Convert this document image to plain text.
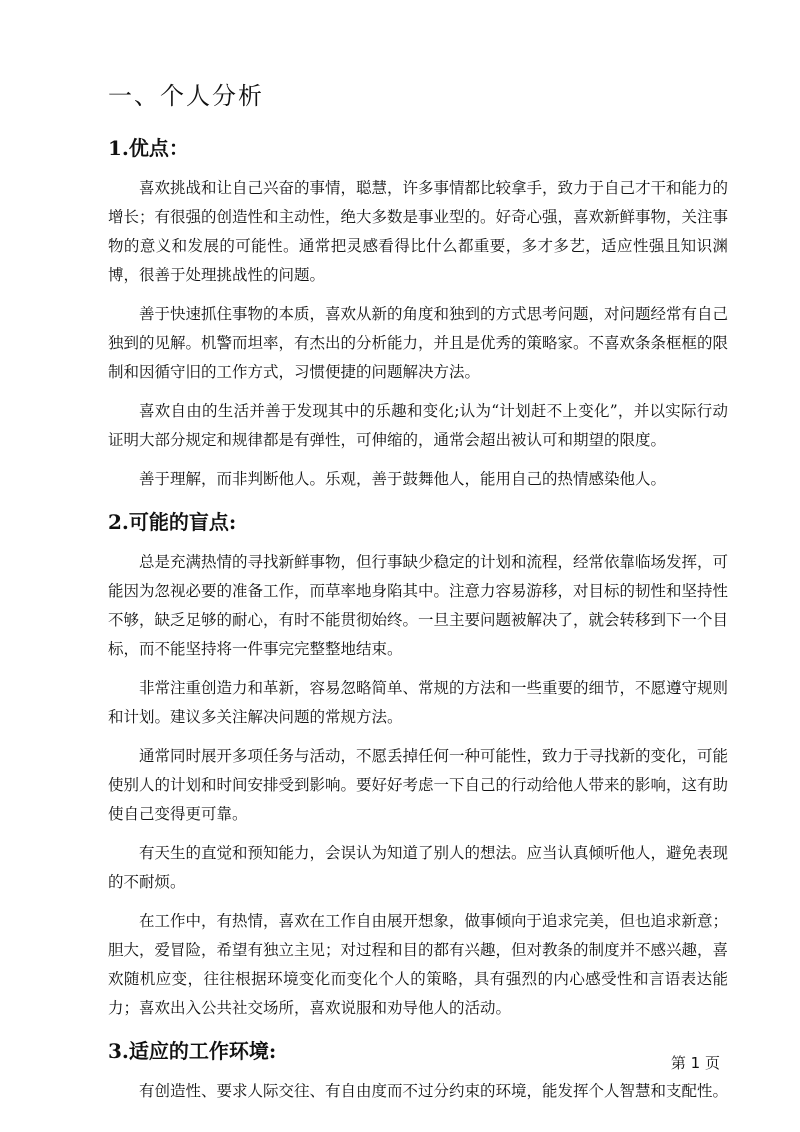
一、个人分析
1.优点：

喜欢挑战和让自己兴奋的事情，聪慧，许多事情都比较拿手，致力于自己才干和能力的增长；有很强的创造性和主动性，绝大多数是事业型的。好奇心强，喜欢新鲜事物，关注事物的意义和发展的可能性。通常把灵感看得比什么都重要，多才多艺，适应性强且知识渊博，很善于处理挑战性的问题。

善于快速抓住事物的本质，喜欢从新的角度和独到的方式思考问题，对问题经常有自己独到的见解。机警而坦率，有杰出的分析能力，并且是优秀的策略家。不喜欢条条框框的限制和因循守旧的工作方式，习惯便捷的问题解决方法。

喜欢自由的生活并善于发现其中的乐趣和变化;认为“计划赶不上变化”，并以实际行动证明大部分规定和规律都是有弹性，可伸缩的，通常会超出被认可和期望的限度。

善于理解，而非判断他人。乐观，善于鼓舞他人，能用自己的热情感染他人。

2.可能的盲点:

总是充满热情的寻找新鲜事物，但行事缺少稳定的计划和流程，经常依靠临场发挥，可能因为忽视必要的准备工作，而草率地身陷其中。注意力容易游移，对目标的韧性和坚持性不够，缺乏足够的耐心，有时不能贯彻始终。一旦主要问题被解决了，就会转移到下一个目标，而不能坚持将一件事完完整整地结束。

非常注重创造力和革新，容易忽略简单、常规的方法和一些重要的细节，不愿遵守规则和计划。建议多关注解决问题的常规方法。

通常同时展开多项任务与活动，不愿丢掉任何一种可能性，致力于寻找新的变化，可能使别人的计划和时间安排受到影响。要好好考虑一下自己的行动给他人带来的影响，这有助使自己变得更可靠。

有天生的直觉和预知能力，会误认为知道了别人的想法。应当认真倾听他人，避免表现的不耐烦。

在工作中，有热情，喜欢在工作自由展开想象，做事倾向于追求完美，但也追求新意；胆大，爱冒险，希望有独立主见；对过程和目的都有兴趣，但对教条的制度并不感兴趣，喜欢随机应变，往往根据环境变化而变化个人的策略，具有强烈的内心感受性和言语表达能力；喜欢出入公共社交场所，喜欢说服和劝导他人的活动。

3.适应的工作环境:

有创造性、要求人际交往、有自由度而不过分约束的环境，能发挥个人智慧和支配性。

第 1 页
